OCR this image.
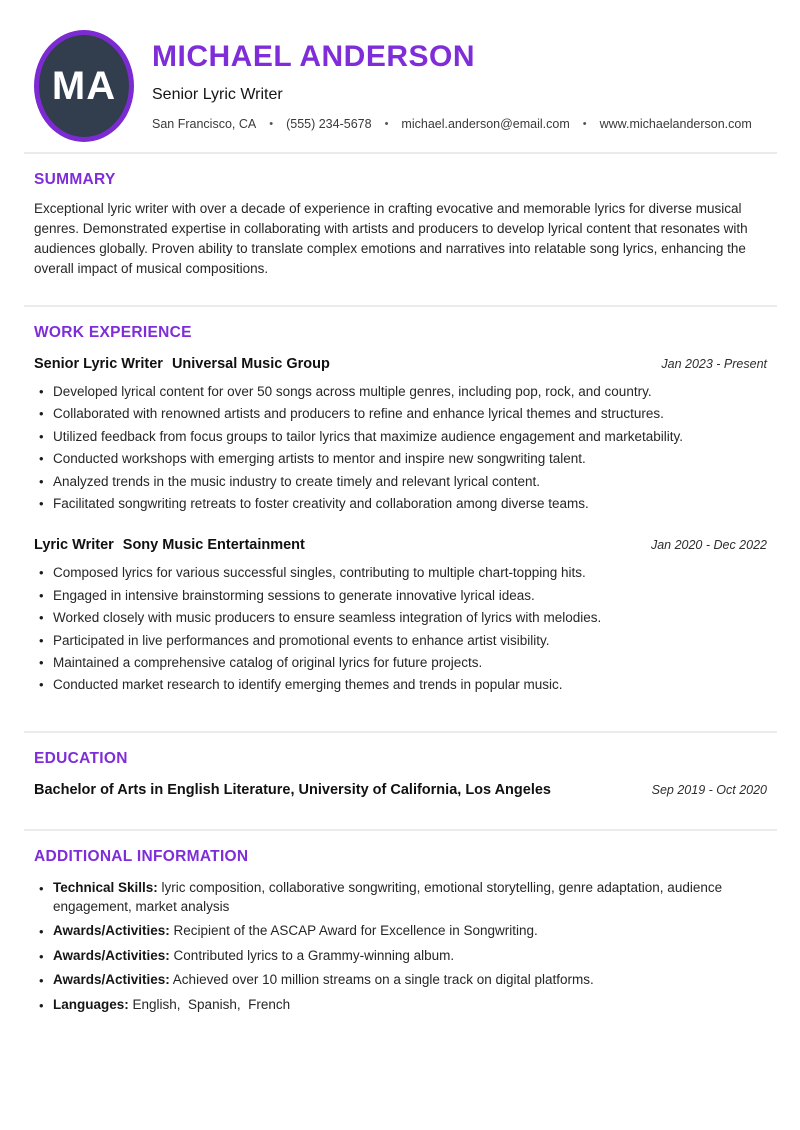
MA
MICHAEL ANDERSON
Senior Lyric Writer
San Francisco, CA • (555) 234-5678 • michael.anderson@email.com • www.michaelanderson.com
SUMMARY

Exceptional lyric writer with over a decade of experience in crafting evocative and memorable lyrics for diverse musical genres. Demonstrated expertise in collaborating with artists and producers to develop lyrical content that resonates with audiences globally. Proven ability to translate complex emotions and narratives into relatable song lyrics, enhancing the overall impact of musical compositions.

WORK EXPERIENCE
Senior Lyric Writer Universal Music Group	Jan 2023 - Present
• Developed lyrical content for over 50 songs across multiple genres, including pop, rock, and country.
• Collaborated with renowned artists and producers to refine and enhance lyrical themes and structures.
• Utilized feedback from focus groups to tailor lyrics that maximize audience engagement and marketability.
• Conducted workshops with emerging artists to mentor and inspire new songwriting talent.
• Analyzed trends in the music industry to create timely and relevant lyrical content.
• Facilitated songwriting retreats to foster creativity and collaboration among diverse teams.
Lyric Writer Sony Music Entertainment	Jan 2020 - Dec 2022
• Composed lyrics for various successful singles, contributing to multiple chart-topping hits.
• Engaged in intensive brainstorming sessions to generate innovative lyrical ideas.
• Worked closely with music producers to ensure seamless integration of lyrics with melodies.
• Participated in live performances and promotional events to enhance artist visibility.
• Maintained a comprehensive catalog of original lyrics for future projects.
• Conducted market research to identify emerging themes and trends in popular music.
EDUCATION
Bachelor of Arts in English Literature, University of California, Los Angeles	Sep 2019 - Oct 2020
ADDITIONAL INFORMATION
• Technical Skills: lyric composition, collaborative songwriting, emotional storytelling, genre adaptation, audience engagement, market analysis
• Awards/Activities: Recipient of the ASCAP Award for Excellence in Songwriting.
• Awards/Activities: Contributed lyrics to a Grammy-winning album.
• Awards/Activities: Achieved over 10 million streams on a single track on digital platforms.
• Languages: English,  Spanish,  French
